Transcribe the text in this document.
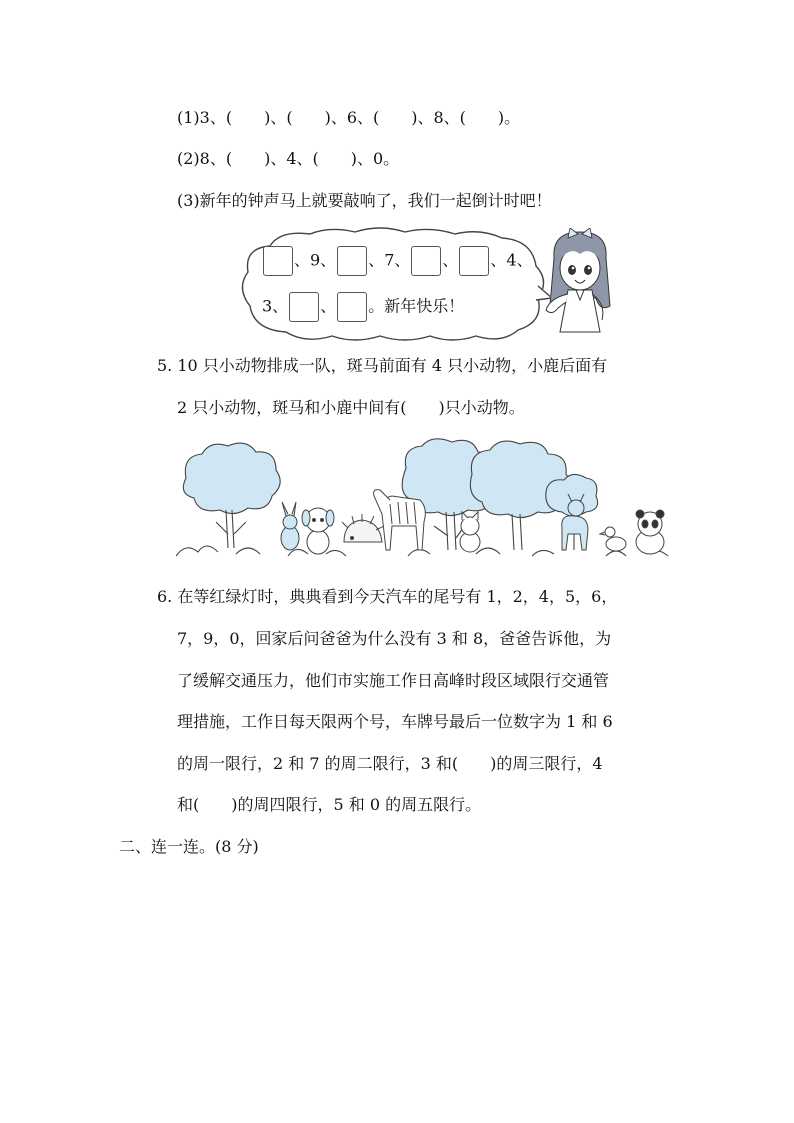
(1)3、(　　)、(　　)、6、(　　)、8、(　　)。
(2)8、(　　)、4、(　　)、0。
(3)新年的钟声马上就要敲响了，我们一起倒计时吧！
、9、 、7、 、 、4、
3、 、 。新年快乐！
5. 10 只小动物排成一队，斑马前面有 4 只小动物，小鹿后面有
2 只小动物，斑马和小鹿中间有(　　)只小动物。
6. 在等红绿灯时，典典看到今天汽车的尾号有 1，2，4，5，6，
7，9，0，回家后问爸爸为什么没有 3 和 8，爸爸告诉他，为
了缓解交通压力，他们市实施工作日高峰时段区域限行交通管
理措施，工作日每天限两个号，车牌号最后一位数字为 1 和 6
的周一限行，2 和 7 的周二限行，3 和(　　)的周三限行，4
和(　　)的周四限行，5 和 0 的周五限行。
二、连一连。(8 分)
